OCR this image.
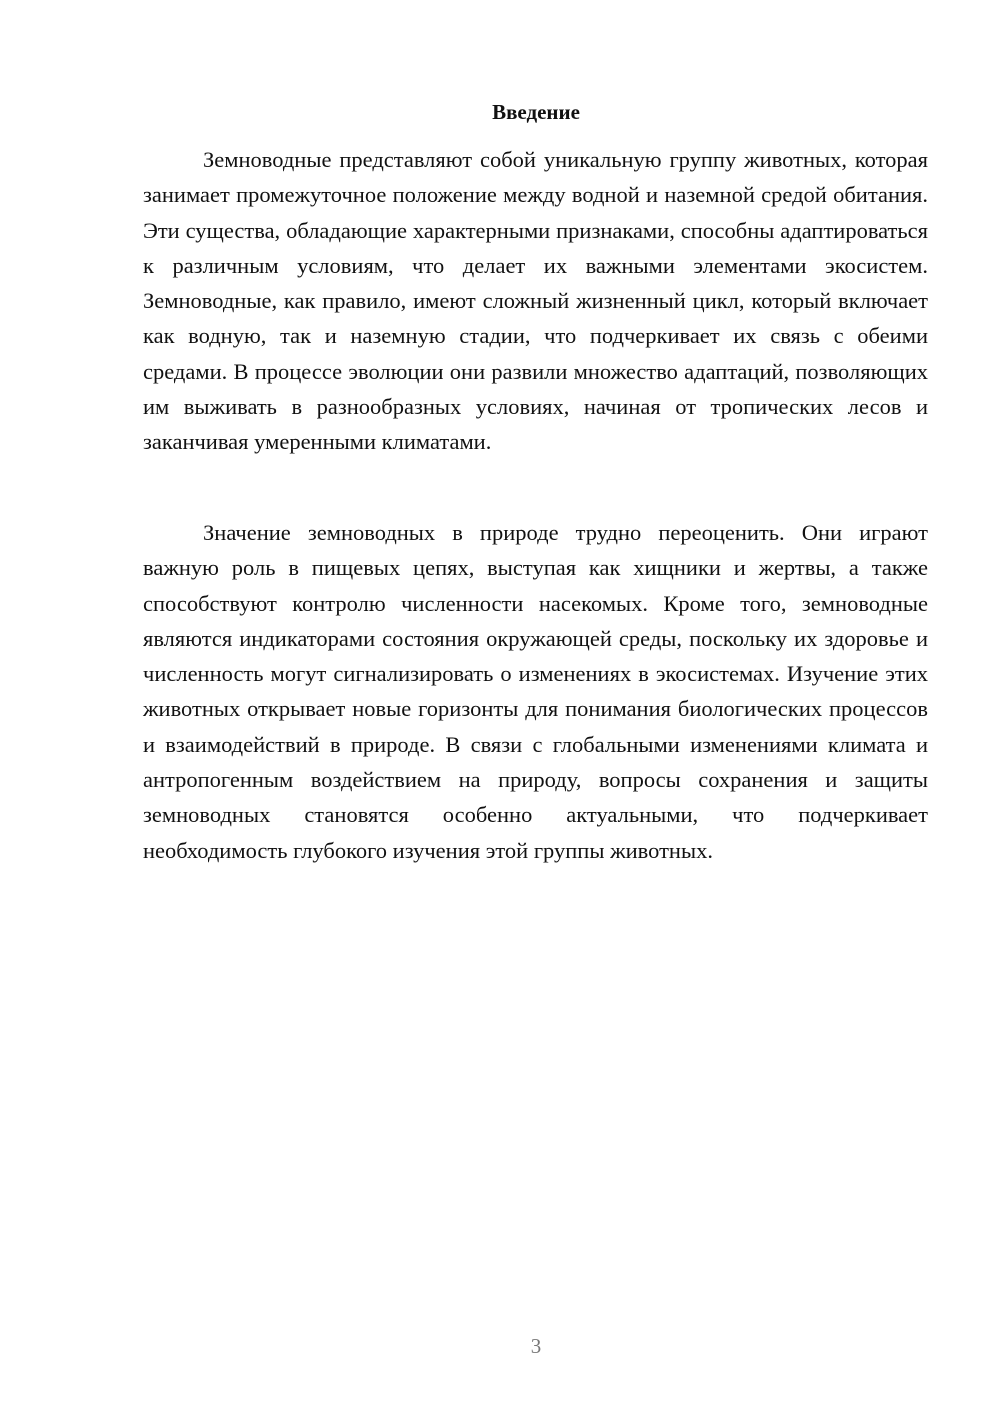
Введение

Земноводные представляют собой уникальную группу животных, которая занимает промежуточное положение между водной и наземной средой обитания. Эти существа, обладающие характерными признаками, способны адаптироваться к различным условиям, что делает их важными элементами экосистем. Земноводные, как правило, имеют сложный жизненный цикл, который включает как водную, так и наземную стадии, что подчеркивает их связь с обеими средами. В процессе эволюции они развили множество адаптаций, позволяющих им выживать в разнообразных условиях, начиная от тропических лесов и заканчивая умеренными климатами.

Значение земноводных в природе трудно переоценить. Они играют важную роль в пищевых цепях, выступая как хищники и жертвы, а также способствуют контролю численности насекомых. Кроме того, земноводные являются индикаторами состояния окружающей среды, поскольку их здоровье и численность могут сигнализировать о изменениях в экосистемах. Изучение этих животных открывает новые горизонты для понимания биологических процессов и взаимодействий в природе. В связи с глобальными изменениями климата и антропогенным воздействием на природу, вопросы сохранения и защиты земноводных становятся особенно актуальными, что подчеркивает необходимость глубокого изучения этой группы животных.

3
